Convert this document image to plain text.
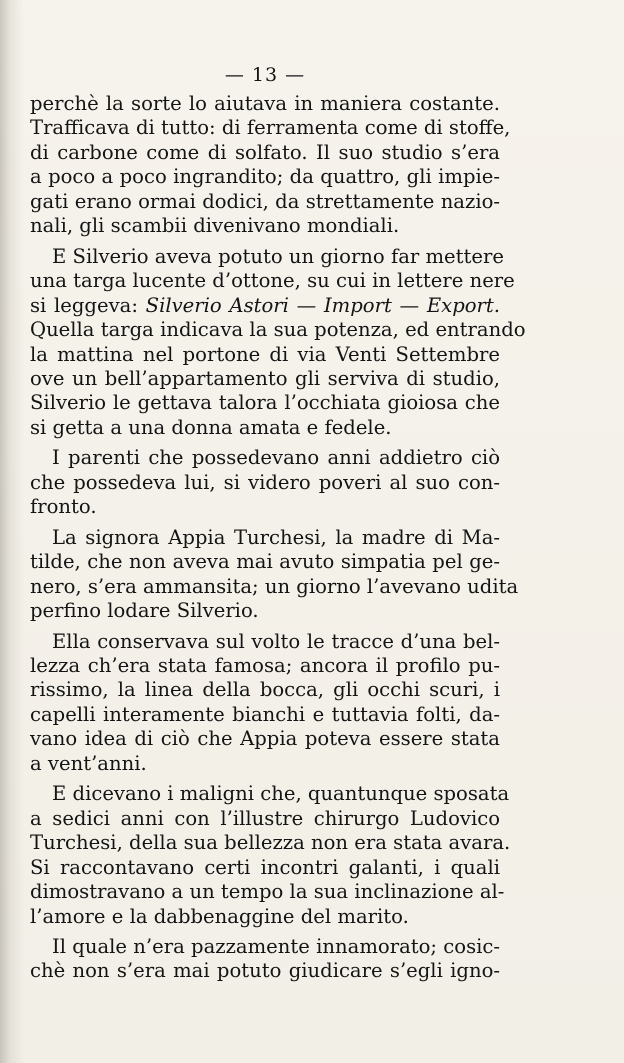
— 13 —

perchè la sorte lo aiutava in maniera costante.
Trafficava di tutto: di ferramenta come di stoffe,
di carbone come di solfato. Il suo studio s’era
a poco a poco ingrandito; da quattro, gli impie-
gati erano ormai dodici, da strettamente nazio-
nali, gli scambii divenivano mondiali.

E Silverio aveva potuto un giorno far mettere
una targa lucente d’ottone, su cui in lettere nere
si leggeva: Silverio Astori — Import — Export.
Quella targa indicava la sua potenza, ed entrando
la mattina nel portone di via Venti Settembre
ove un bell’appartamento gli serviva di studio,
Silverio le gettava talora l’occhiata gioiosa che
si getta a una donna amata e fedele.

I parenti che possedevano anni addietro ciò
che possedeva lui, si videro poveri al suo con-
fronto.

La signora Appia Turchesi, la madre di Ma-
tilde, che non aveva mai avuto simpatia pel ge-
nero, s’era ammansita; un giorno l’avevano udita
perfino lodare Silverio.

Ella conservava sul volto le tracce d’una bel-
lezza ch’era stata famosa; ancora il profilo pu-
rissimo, la linea della bocca, gli occhi scuri, i
capelli interamente bianchi e tuttavia folti, da-
vano idea di ciò che Appia poteva essere stata
a vent’anni.

E dicevano i maligni che, quantunque sposata
a sedici anni con l’illustre chirurgo Ludovico
Turchesi, della sua bellezza non era stata avara.
Si raccontavano certi incontri galanti, i quali
dimostravano a un tempo la sua inclinazione al-
l’amore e la dabbenaggine del marito.

Il quale n’era pazzamente innamorato; cosic-
chè non s’era mai potuto giudicare s’egli igno-
